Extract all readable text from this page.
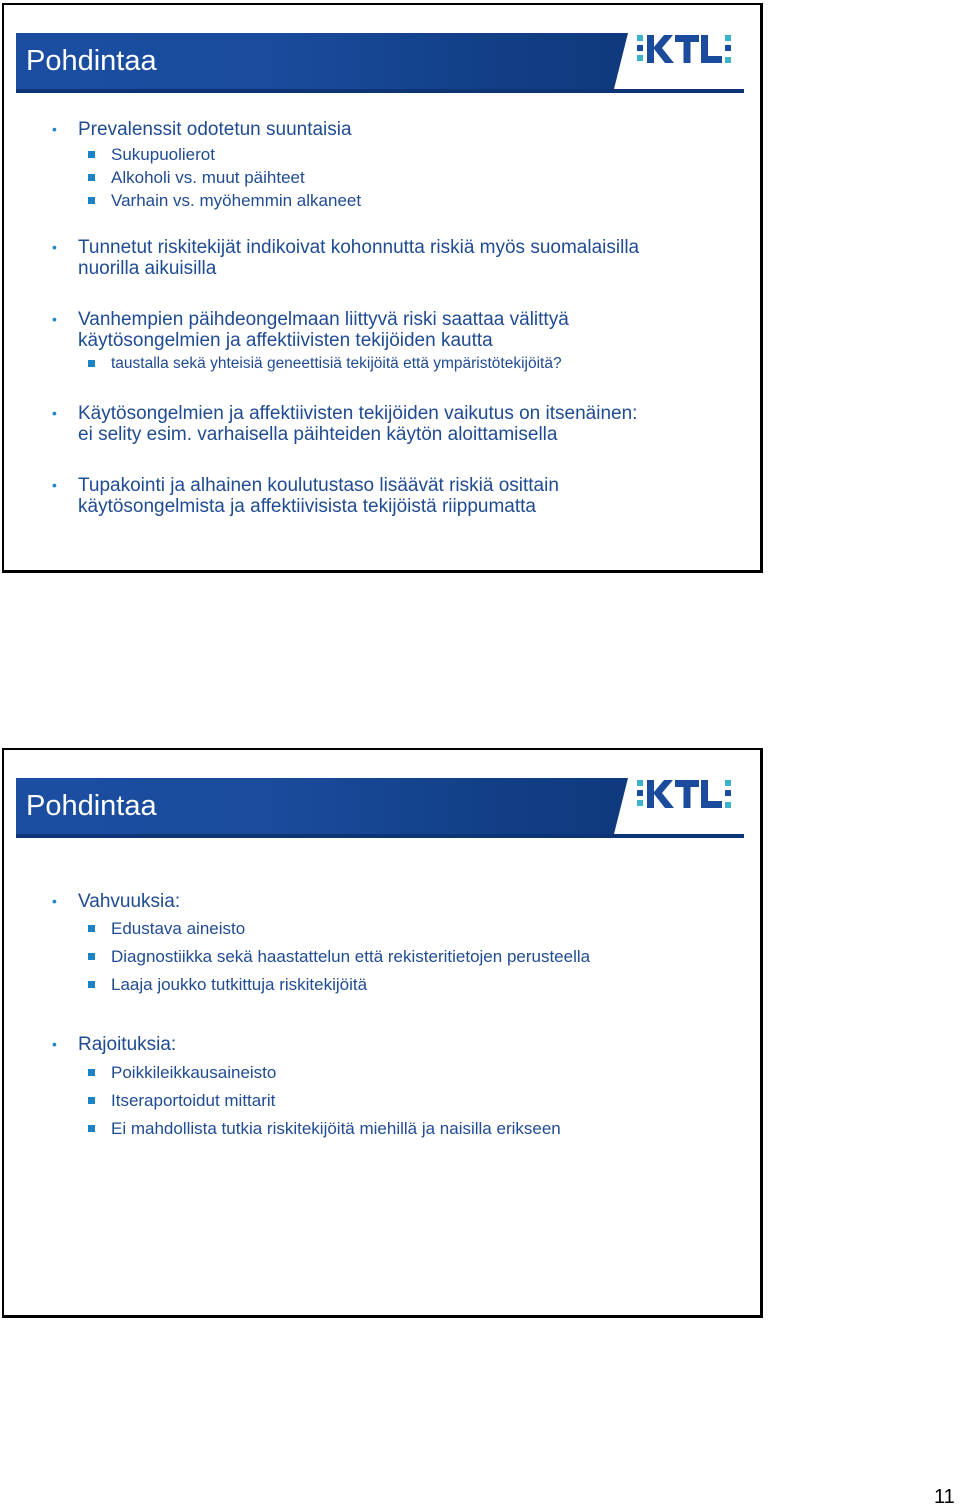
Pohdintaa
• Prevalenssit odotetun suuntaisia
Sukupuolierot
Alkoholi vs. muut päihteet
Varhain vs. myöhemmin alkaneet
• Tunnetut riskitekijät indikoivat kohonnutta riskiä myös suomalaisilla
nuorilla aikuisilla
• Vanhempien päihdeongelmaan liittyvä riski saattaa välittyä
käytösongelmien ja affektiivisten tekijöiden kautta
taustalla sekä yhteisiä geneettisiä tekijöitä että ympäristötekijöitä?
• Käytösongelmien ja affektiivisten tekijöiden vaikutus on itsenäinen:
ei selity esim. varhaisella päihteiden käytön aloittamisella
• Tupakointi ja alhainen koulutustaso lisäävät riskiä osittain
käytösongelmista ja affektiivisista tekijöistä riippumatta
Pohdintaa
• Vahvuuksia:
Edustava aineisto
Diagnostiikka sekä haastattelun että rekisteritietojen perusteella
Laaja joukko tutkittuja riskitekijöitä
• Rajoituksia:
Poikkileikkausaineisto
Itseraportoidut mittarit
Ei mahdollista tutkia riskitekijöitä miehillä ja naisilla erikseen
11
